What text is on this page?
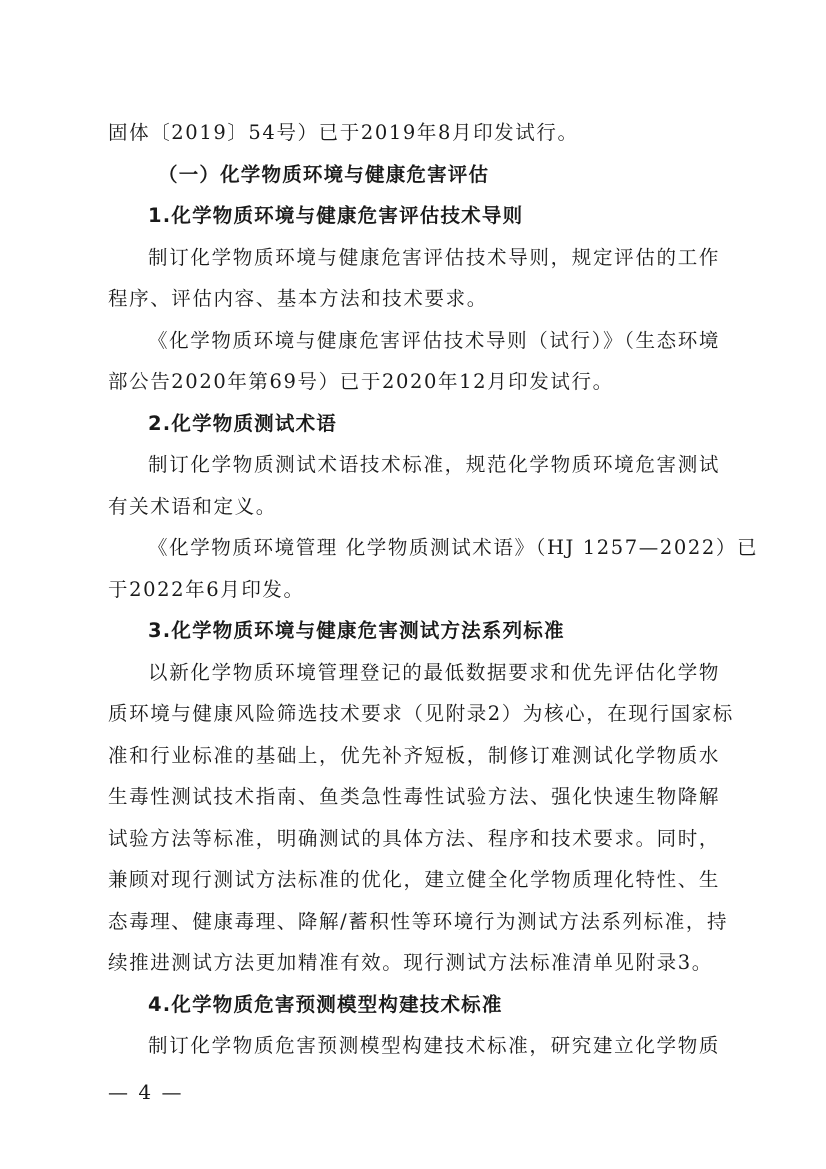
固体〔2019〕54号）已于2019年8月印发试行。
（一）化学物质环境与健康危害评估
1.化学物质环境与健康危害评估技术导则
制订化学物质环境与健康危害评估技术导则，规定评估的工作
程序、评估内容、基本方法和技术要求。
《化学物质环境与健康危害评估技术导则（试行）》（生态环境
部公告2020年第69号）已于2020年12月印发试行。
2.化学物质测试术语
制订化学物质测试术语技术标准，规范化学物质环境危害测试
有关术语和定义。
《化学物质环境管理 化学物质测试术语》（HJ 1257—2022）已
于2022年6月印发。
3.化学物质环境与健康危害测试方法系列标准
以新化学物质环境管理登记的最低数据要求和优先评估化学物
质环境与健康风险筛选技术要求（见附录2）为核心，在现行国家标
准和行业标准的基础上，优先补齐短板，制修订难测试化学物质水
生毒性测试技术指南、鱼类急性毒性试验方法、强化快速生物降解
试验方法等标准，明确测试的具体方法、程序和技术要求。同时，
兼顾对现行测试方法标准的优化，建立健全化学物质理化特性、生
态毒理、健康毒理、降解/蓄积性等环境行为测试方法系列标准，持
续推进测试方法更加精准有效。现行测试方法标准清单见附录3。
4.化学物质危害预测模型构建技术标准
制订化学物质危害预测模型构建技术标准，研究建立化学物质
— 4 —
